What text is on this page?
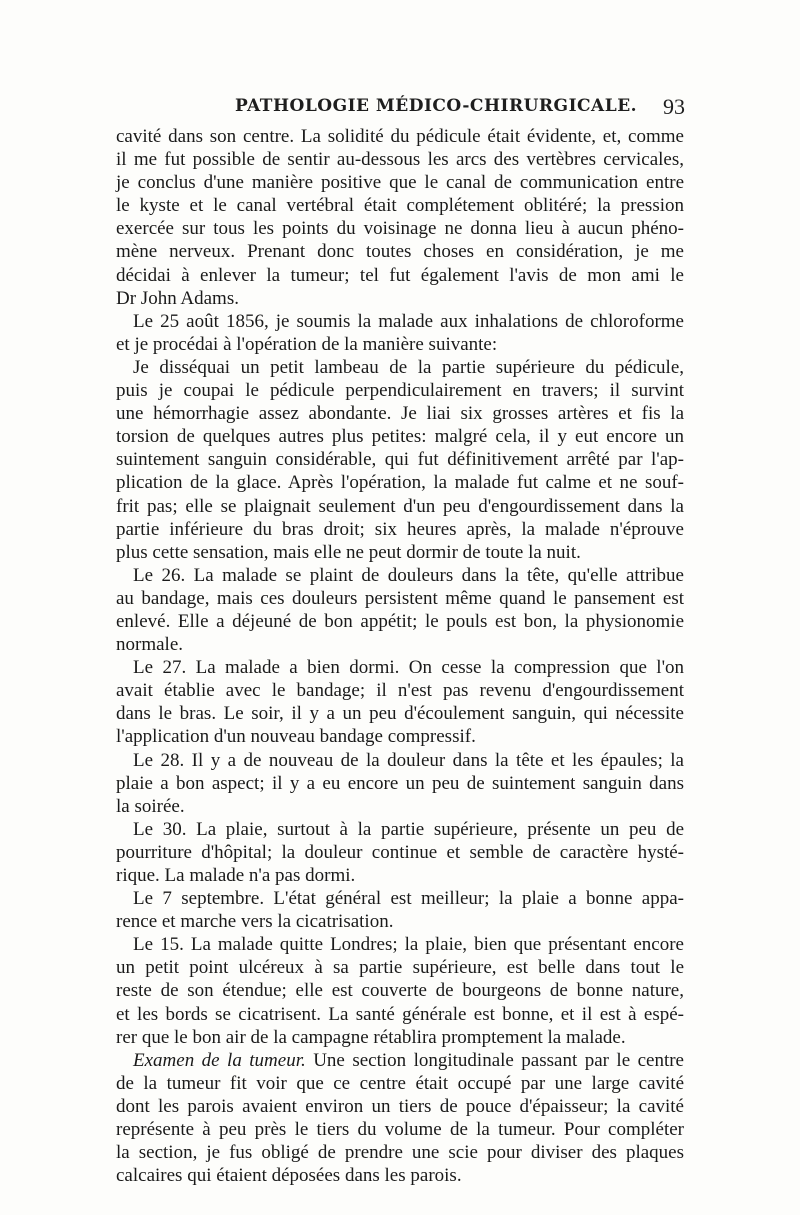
PATHOLOGIE MÉDICO-CHIRURGICALE. 93

cavité dans son centre. La solidité du pédicule était évidente, et, comme
il me fut possible de sentir au-dessous les arcs des vertèbres cervicales,
je conclus d'une manière positive que le canal de communication entre
le kyste et le canal vertébral était complétement oblitéré; la pression
exercée sur tous les points du voisinage ne donna lieu à aucun phéno-
mène nerveux. Prenant donc toutes choses en considération, je me
décidai à enlever la tumeur; tel fut également l'avis de mon ami le
Dr John Adams.

Le 25 août 1856, je soumis la malade aux inhalations de chloroforme
et je procédai à l'opération de la manière suivante:

Je disséquai un petit lambeau de la partie supérieure du pédicule,
puis je coupai le pédicule perpendiculairement en travers; il survint
une hémorrhagie assez abondante. Je liai six grosses artères et fis la
torsion de quelques autres plus petites: malgré cela, il y eut encore un
suintement sanguin considérable, qui fut définitivement arrêté par l'ap-
plication de la glace. Après l'opération, la malade fut calme et ne souf-
frit pas; elle se plaignait seulement d'un peu d'engourdissement dans la
partie inférieure du bras droit; six heures après, la malade n'éprouve
plus cette sensation, mais elle ne peut dormir de toute la nuit.

Le 26. La malade se plaint de douleurs dans la tête, qu'elle attribue
au bandage, mais ces douleurs persistent même quand le pansement est
enlevé. Elle a déjeuné de bon appétit; le pouls est bon, la physionomie
normale.

Le 27. La malade a bien dormi. On cesse la compression que l'on
avait établie avec le bandage; il n'est pas revenu d'engourdissement
dans le bras. Le soir, il y a un peu d'écoulement sanguin, qui nécessite
l'application d'un nouveau bandage compressif.

Le 28. Il y a de nouveau de la douleur dans la tête et les épaules; la
plaie a bon aspect; il y a eu encore un peu de suintement sanguin dans
la soirée.

Le 30. La plaie, surtout à la partie supérieure, présente un peu de
pourriture d'hôpital; la douleur continue et semble de caractère hysté-
rique. La malade n'a pas dormi.

Le 7 septembre. L'état général est meilleur; la plaie a bonne appa-
rence et marche vers la cicatrisation.

Le 15. La malade quitte Londres; la plaie, bien que présentant encore
un petit point ulcéreux à sa partie supérieure, est belle dans tout le
reste de son étendue; elle est couverte de bourgeons de bonne nature,
et les bords se cicatrisent. La santé générale est bonne, et il est à espé-
rer que le bon air de la campagne rétablira promptement la malade.

Examen de la tumeur. Une section longitudinale passant par le centre
de la tumeur fit voir que ce centre était occupé par une large cavité
dont les parois avaient environ un tiers de pouce d'épaisseur; la cavité
représente à peu près le tiers du volume de la tumeur. Pour compléter
la section, je fus obligé de prendre une scie pour diviser des plaques
calcaires qui étaient déposées dans les parois.
